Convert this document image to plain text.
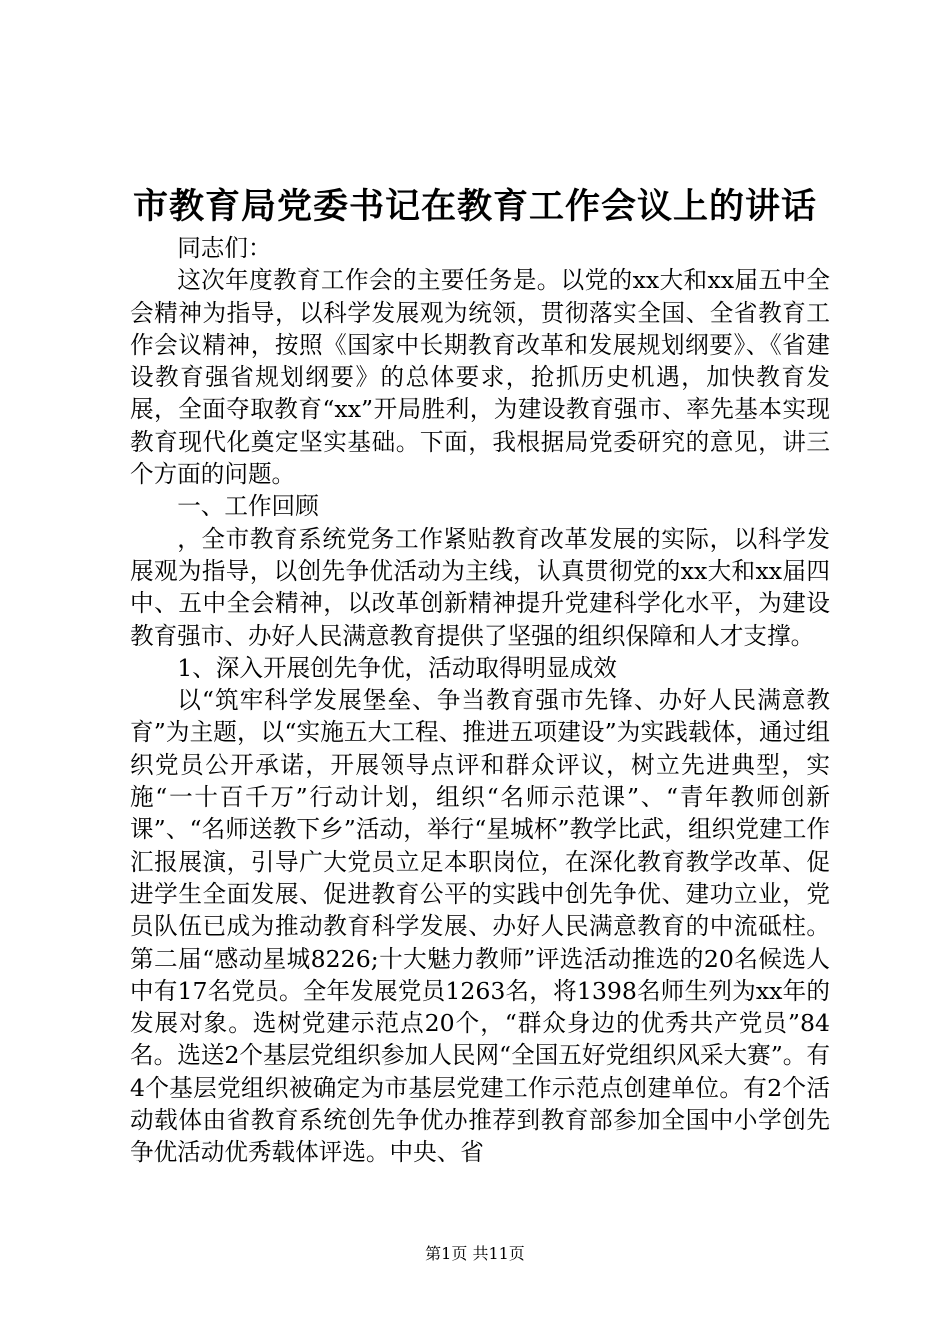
市教育局党委书记在教育工作会议上的讲话

同志们：

这次年度教育工作会的主要任务是。以党的xx大和xx届五中全会精神为指导，以科学发展观为统领，贯彻落实全国、全省教育工作会议精神，按照《国家中长期教育改革和发展规划纲要》、《省建设教育强省规划纲要》的总体要求，抢抓历史机遇，加快教育发展，全面夺取教育“xx”开局胜利，为建设教育强市、率先基本实现教育现代化奠定坚实基础。下面，我根据局党委研究的意见，讲三个方面的问题。

一、工作回顾

，全市教育系统党务工作紧贴教育改革发展的实际，以科学发展观为指导，以创先争优活动为主线，认真贯彻党的xx大和xx届四中、五中全会精神，以改革创新精神提升党建科学化水平，为建设教育强市、办好人民满意教育提供了坚强的组织保障和人才支撑。

1、深入开展创先争优，活动取得明显成效

以“筑牢科学发展堡垒、争当教育强市先锋、办好人民满意教育”为主题，以“实施五大工程、推进五项建设”为实践载体，通过组织党员公开承诺，开展领导点评和群众评议，树立先进典型，实施“一十百千万”行动计划，组织“名师示范课”、“青年教师创新课”、“名师送教下乡”活动，举行“星城杯”教学比武，组织党建工作汇报展演，引导广大党员立足本职岗位，在深化教育教学改革、促进学生全面发展、促进教育公平的实践中创先争优、建功立业，党员队伍已成为推动教育科学发展、办好人民满意教育的中流砥柱。第二届“感动星城8226;十大魅力教师”评选活动推选的20名候选人中有17名党员。全年发展党员1263名，将1398名师生列为xx年的发展对象。选树党建示范点20个，“群众身边的优秀共产党员”84名。选送2个基层党组织参加人民网“全国五好党组织风采大赛”。有4个基层党组织被确定为市基层党建工作示范点创建单位。有2个活动载体由省教育系统创先争优办推荐到教育部参加全国中小学创先争优活动优秀载体评选。中央、省

第1页 共11页
